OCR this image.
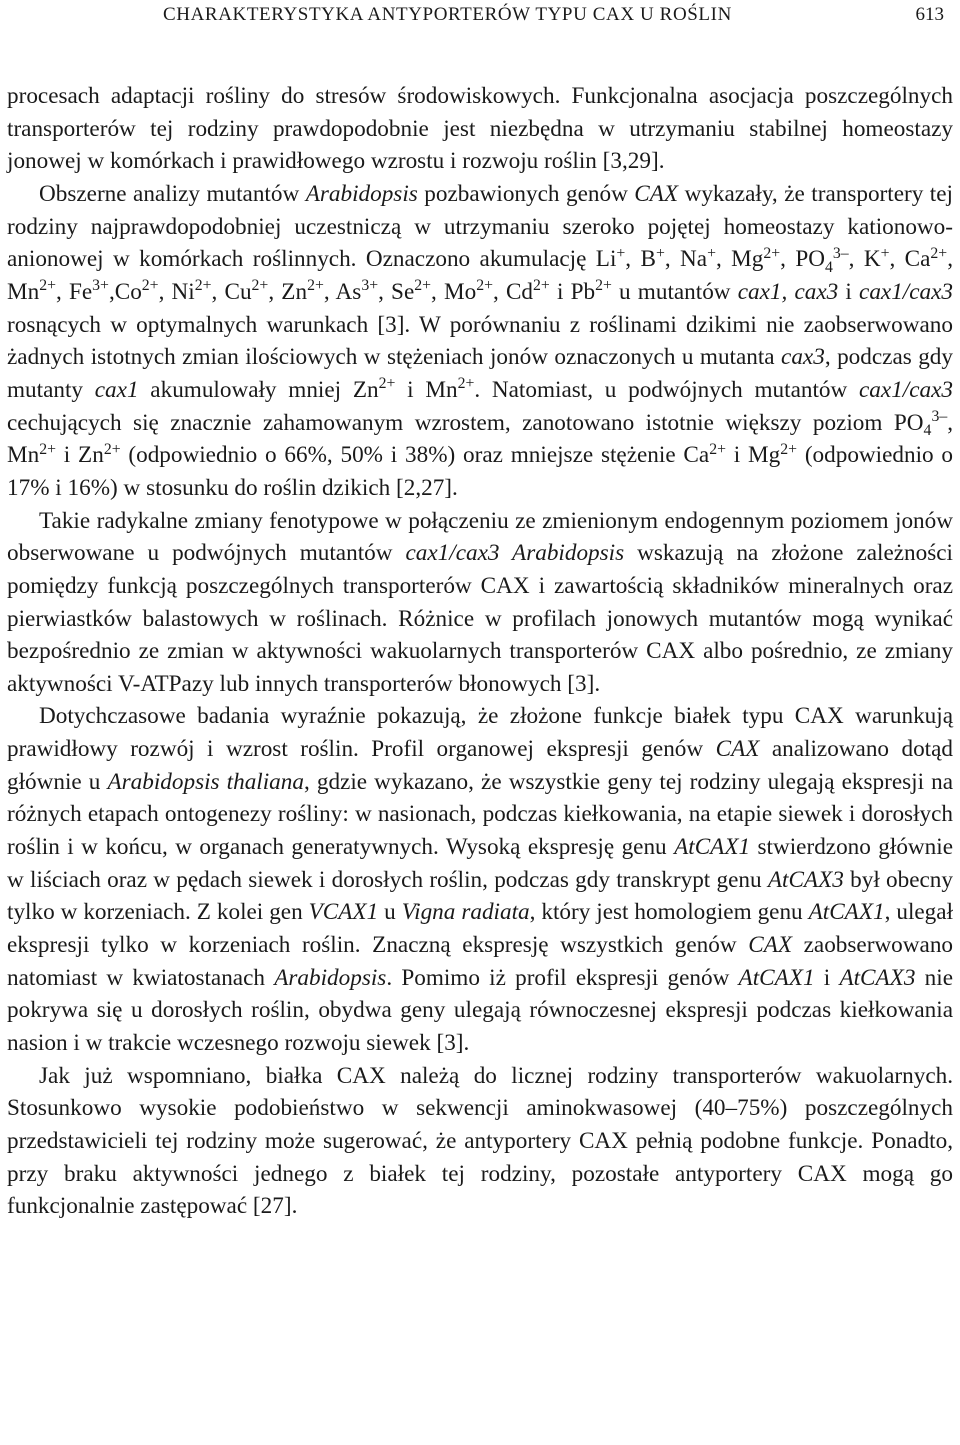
CHARAKTERYSTYKA ANTYPORTERÓW TYPU CAX U ROŚLIN	613

procesach adaptacji rośliny do stresów środowiskowych. Funkcjonalna asocjacja poszczególnych transporterów tej rodziny prawdopodobnie jest niezbędna w utrzymaniu stabilnej homeostazy jonowej w komórkach i prawidłowego wzrostu i rozwoju roślin [3,29].

Obszerne analizy mutantów Arabidopsis pozbawionych genów CAX wykazały, że transportery tej rodziny najprawdopodobniej uczestniczą w utrzymaniu szeroko pojętej homeostazy kationowo-anionowej w komórkach roślinnych. Oznaczono akumulację Li+, B+, Na+, $Mg^{2+}$, $PO_4^{3-}$, K+, $Ca^{2+}$, $Mn^{2+}$, $Fe^{3+},Co^{2+}$, $Ni^{2+}$, $Cu^{2+}$, $Zn^{2+}$, $As^{3+}$, $Se^{2+}$, $Mo^{2+}$, $Cd^{2+}$ i $Pb^{2+}$ u mutantów cax1, cax3 i cax1/cax3 rosnących w optymalnych warunkach [3]. W porównaniu z roślinami dzikimi nie zaobserwowano żadnych istotnych zmian ilościowych w stężeniach jonów oznaczonych u mutanta cax3, podczas gdy mutanty cax1 akumulowały mniej $Zn^{2+}$ i $Mn^{2+}$. Natomiast, u podwójnych mutantów cax1/cax3 cechujących się znacznie zahamowanym wzrostem, zanotowano istotnie większy poziom $PO_4^{3-}$, $Mn^{2+}$ i $Zn^{2+}$ (odpowiednio o 66%, 50% i 38%) oraz mniejsze stężenie $Ca^{2+}$ i $Mg^{2+}$ (odpowiednio o 17% i 16%) w stosunku do roślin dzikich [2,27].

Takie radykalne zmiany fenotypowe w połączeniu ze zmienionym endogennym poziomem jonów obserwowane u podwójnych mutantów cax1/cax3 Arabidopsis wskazują na złożone zależności pomiędzy funkcją poszczególnych transporterów CAX i zawartością składników mineralnych oraz pierwiastków balastowych w roślinach. Różnice w profilach jonowych mutantów mogą wynikać bezpośrednio ze zmian w aktywności wakuolarnych transporterów CAX albo pośrednio, ze zmiany aktywności V-ATPazy lub innych transporterów błonowych [3].

Dotychczasowe badania wyraźnie pokazują, że złożone funkcje białek typu CAX warunkują prawidłowy rozwój i wzrost roślin. Profil organowej ekspresji genów CAX analizowano dotąd głównie u Arabidopsis thaliana, gdzie wykazano, że wszystkie geny tej rodziny ulegają ekspresji na różnych etapach ontogenezy rośliny: w nasionach, podczas kiełkowania, na etapie siewek i dorosłych roślin i w końcu, w organach generatywnych. Wysoką ekspresję genu AtCAX1 stwierdzono głównie w liściach oraz w pędach siewek i dorosłych roślin, podczas gdy transkrypt genu AtCAX3 był obecny tylko w korzeniach. Z kolei gen VCAX1 u Vigna radiata, który jest homologiem genu AtCAX1, ulegał ekspresji tylko w korzeniach roślin. Znaczną ekspresję wszystkich genów CAX zaobserwowano natomiast w kwiatostanach Arabidopsis. Pomimo iż profil ekspresji genów AtCAX1 i AtCAX3 nie pokrywa się u dorosłych roślin, obydwa geny ulegają równoczesnej ekspresji podczas kiełkowania nasion i w trakcie wczesnego rozwoju siewek [3].

Jak już wspomniano, białka CAX należą do licznej rodziny transporterów wakuolarnych. Stosunkowo wysokie podobieństwo w sekwencji aminokwasowej (40–75%) poszczególnych przedstawicieli tej rodziny może sugerować, że antyportery CAX pełnią podobne funkcje. Ponadto, przy braku aktywności jednego z białek tej rodziny, pozostałe antyportery CAX mogą go funkcjonalnie zastępować [27].
